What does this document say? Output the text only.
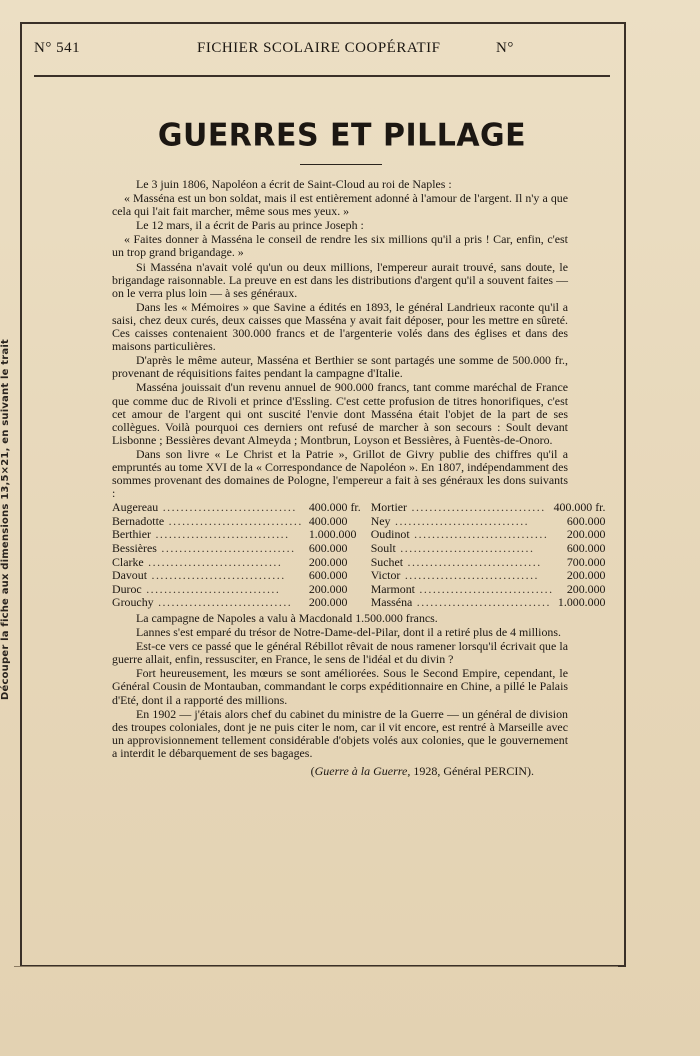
Découper la fiche aux dimensions 13,5×21, en suivant le trait
N° 541	FICHIER SCOLAIRE COOPÉRATIF	N°
GUERRES ET PILLAGE

Le 3 juin 1806, Napoléon a écrit de Saint-Cloud au roi de Naples :

« Masséna est un bon soldat, mais il est entièrement adonné à l'amour de l'argent. Il n'y a que cela qui l'ait fait marcher, même sous mes yeux. »

Le 12 mars, il a écrit de Paris au prince Joseph :

« Faites donner à Masséna le conseil de rendre les six millions qu'il a pris ! Car, enfin, c'est un trop grand brigandage. »

Si Masséna n'avait volé qu'un ou deux millions, l'empereur aurait trouvé, sans doute, le brigandage raisonnable. La preuve en est dans les distributions d'argent qu'il a souvent faites — on le verra plus loin — à ses généraux.

Dans les « Mémoires » que Savine a édités en 1893, le général Landrieux raconte qu'il a saisi, chez deux curés, deux caisses que Masséna y avait fait déposer, pour les mettre en sûreté. Ces caisses contenaient 300.000 francs et de l'argenterie volés dans des églises et dans des maisons particulières.

D'après le même auteur, Masséna et Berthier se sont partagés une somme de 500.000 fr., provenant de réquisitions faites pendant la campagne d'Italie.

Masséna jouissait d'un revenu annuel de 900.000 francs, tant comme maréchal de France que comme duc de Rivoli et prince d'Essling. C'est cette profusion de titres honorifiques, c'est cet amour de l'argent qui ont suscité l'envie dont Masséna était l'objet de la part de ses collègues. Voilà pourquoi ces derniers ont refusé de marcher à son secours : Soult devant Lisbonne ; Bessières devant Almeyda ; Montbrun, Loyson et Bessières, à Fuentès-de-Onoro.

Dans son livre « Le Christ et la Patrie », Grillot de Givry publie des chiffres qu'il a empruntés au tome XVI de la « Correspondance de Napoléon ». En 1807, indépendamment des sommes provenant des domaines de Pologne, l'empereur a fait à ses généraux les dons suivants :

Augereau ..............................	400.000 fr.	Mortier ..............................	400.000 fr.
Bernadotte ..............................	400.000	Ney ..............................	600.000
Berthier ..............................	1.000.000	Oudinot ..............................	200.000
Bessières ..............................	600.000	Soult ..............................	600.000
Clarke ..............................	200.000	Suchet ..............................	700.000
Davout ..............................	600.000	Victor ..............................	200.000
Duroc ..............................	200.000	Marmont ..............................	200.000
Grouchy ..............................	200.000	Masséna ..............................	1.000.000

La campagne de Napoles a valu à Macdonald 1.500.000 francs.

Lannes s'est emparé du trésor de Notre-Dame-del-Pilar, dont il a retiré plus de 4 millions.

Est-ce vers ce passé que le général Rébillot rêvait de nous ramener lorsqu'il écrivait que la guerre allait, enfin, ressusciter, en France, le sens de l'idéal et du divin ?

Fort heureusement, les mœurs se sont améliorées. Sous le Second Empire, cependant, le Général Cousin de Montauban, commandant le corps expéditionnaire en Chine, a pillé le Palais d'Eté, dont il a rapporté des millions.

En 1902 — j'étais alors chef du cabinet du ministre de la Guerre — un général de division des troupes coloniales, dont je ne puis citer le nom, car il vit encore, est rentré à Marseille avec un approvisionnement tellement considérable d'objets volés aux colonies, que le gouvernement a interdit le débarquement de ses bagages.

(Guerre à la Guerre, 1928, Général PERCIN).
